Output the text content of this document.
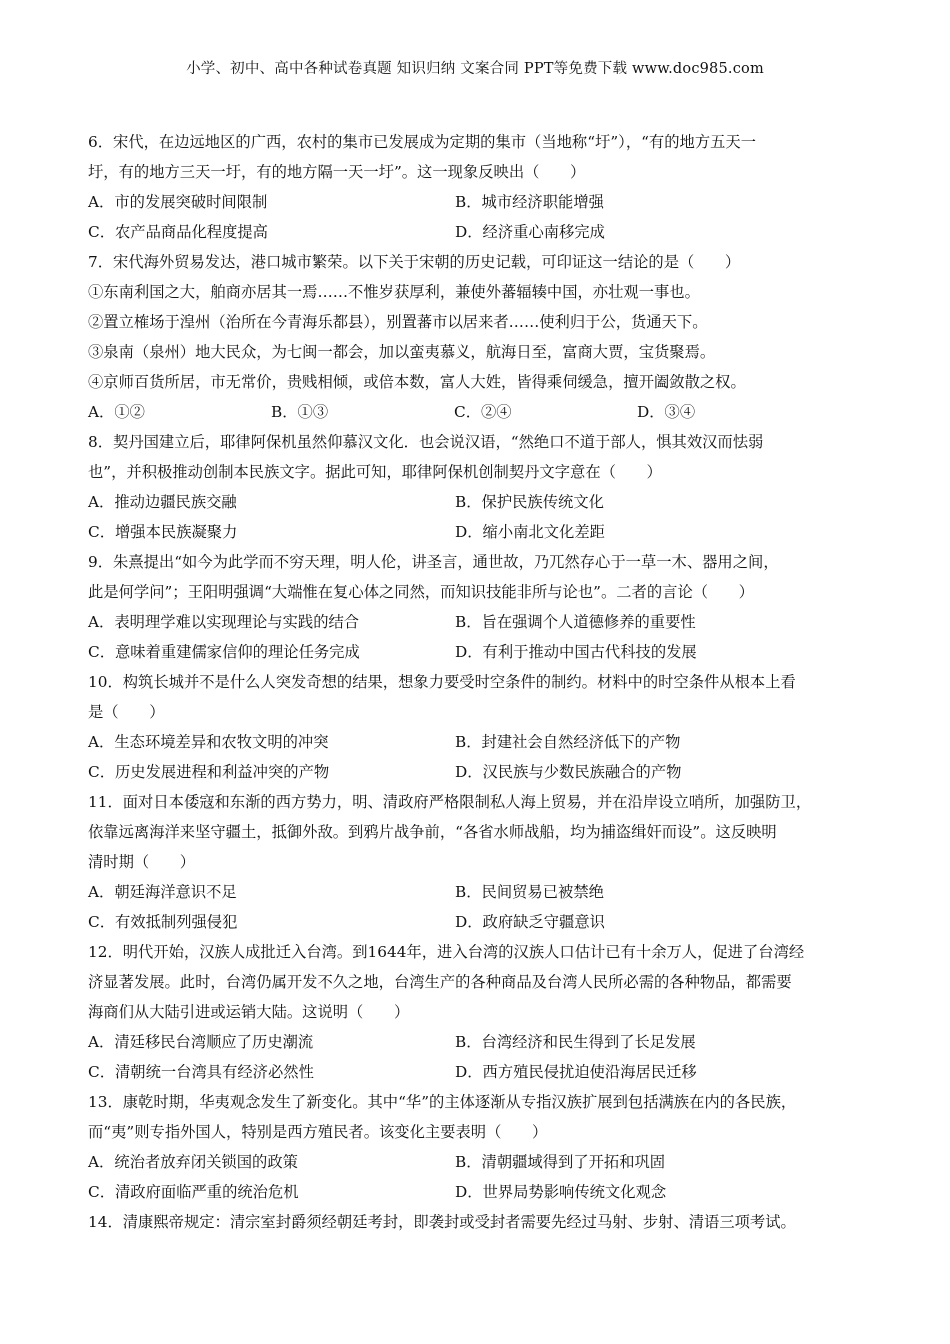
小学、初中、高中各种试卷真题 知识归纳 文案合同 PPT等免费下载 www.doc985.com
6．宋代，在边远地区的广西，农村的集市已发展成为定期的集市（当地称“圩”），“有的地方五天一
圩，有的地方三天一圩，有的地方隔一天一圩”。这一现象反映出（　　）
A．市的发展突破时间限制	B．城市经济职能增强
C．农产品商品化程度提高	D．经济重心南移完成
7．宋代海外贸易发达，港口城市繁荣。以下关于宋朝的历史记载，可印证这一结论的是（　　）
①东南利国之大，舶商亦居其一焉……不惟岁获厚利，兼使外蕃辐辏中国，亦壮观一事也。
②置立榷场于湟州（治所在今青海乐都县），别置蕃市以居来者……使利归于公，货通天下。
③泉南（泉州）地大民众，为七闽一都会，加以蛮夷慕义，航海日至，富商大贾，宝货聚焉。
④京师百货所居，市无常价，贵贱相倾，或倍本数，富人大姓，皆得乘伺缓急，擅开阖敛散之权。
A．①②	B．①③	C．②④	D．③④
8．契丹国建立后，耶律阿保机虽然仰慕汉文化．也会说汉语，“然绝口不道于部人，惧其效汉而怯弱
也”，并积极推动创制本民族文字。据此可知，耶律阿保机创制契丹文字意在（　　）
A．推动边疆民族交融	B．保护民族传统文化
C．增强本民族凝聚力	D．缩小南北文化差距
9．朱熹提出“如今为此学而不穷天理，明人伦，讲圣言，通世故，乃兀然存心于一草一木、器用之间，
此是何学问”；王阳明强调“大端惟在复心体之同然，而知识技能非所与论也”。二者的言论（　　）
A．表明理学难以实现理论与实践的结合	B．旨在强调个人道德修养的重要性
C．意味着重建儒家信仰的理论任务完成	D．有利于推动中国古代科技的发展
10．构筑长城并不是什么人突发奇想的结果，想象力要受时空条件的制约。材料中的时空条件从根本上看
是（　　）
A．生态环境差异和农牧文明的冲突	B．封建社会自然经济低下的产物
C．历史发展进程和利益冲突的产物	D．汉民族与少数民族融合的产物
11．面对日本倭寇和东渐的西方势力，明、清政府严格限制私人海上贸易，并在沿岸设立哨所，加强防卫，
依靠远离海洋来坚守疆土，抵御外敌。到鸦片战争前，“各省水师战船，均为捕盗缉奸而设”。这反映明
清时期（　　）
A．朝廷海洋意识不足	B．民间贸易已被禁绝
C．有效抵制列强侵犯	D．政府缺乏守疆意识
12．明代开始，汉族人成批迁入台湾。到1644年，进入台湾的汉族人口估计已有十余万人，促进了台湾经
济显著发展。此时，台湾仍属开发不久之地，台湾生产的各种商品及台湾人民所必需的各种物品，都需要
海商们从大陆引进或运销大陆。这说明（　　）
A．清廷移民台湾顺应了历史潮流	B．台湾经济和民生得到了长足发展
C．清朝统一台湾具有经济必然性	D．西方殖民侵扰迫使沿海居民迁移
13．康乾时期，华夷观念发生了新变化。其中“华”的主体逐渐从专指汉族扩展到包括满族在内的各民族，
而“夷”则专指外国人，特别是西方殖民者。该变化主要表明（　　）
A．统治者放弃闭关锁国的政策	B．清朝疆域得到了开拓和巩固
C．清政府面临严重的统治危机	D．世界局势影响传统文化观念
14．清康熙帝规定：清宗室封爵须经朝廷考封，即袭封或受封者需要先经过马射、步射、清语三项考试。
